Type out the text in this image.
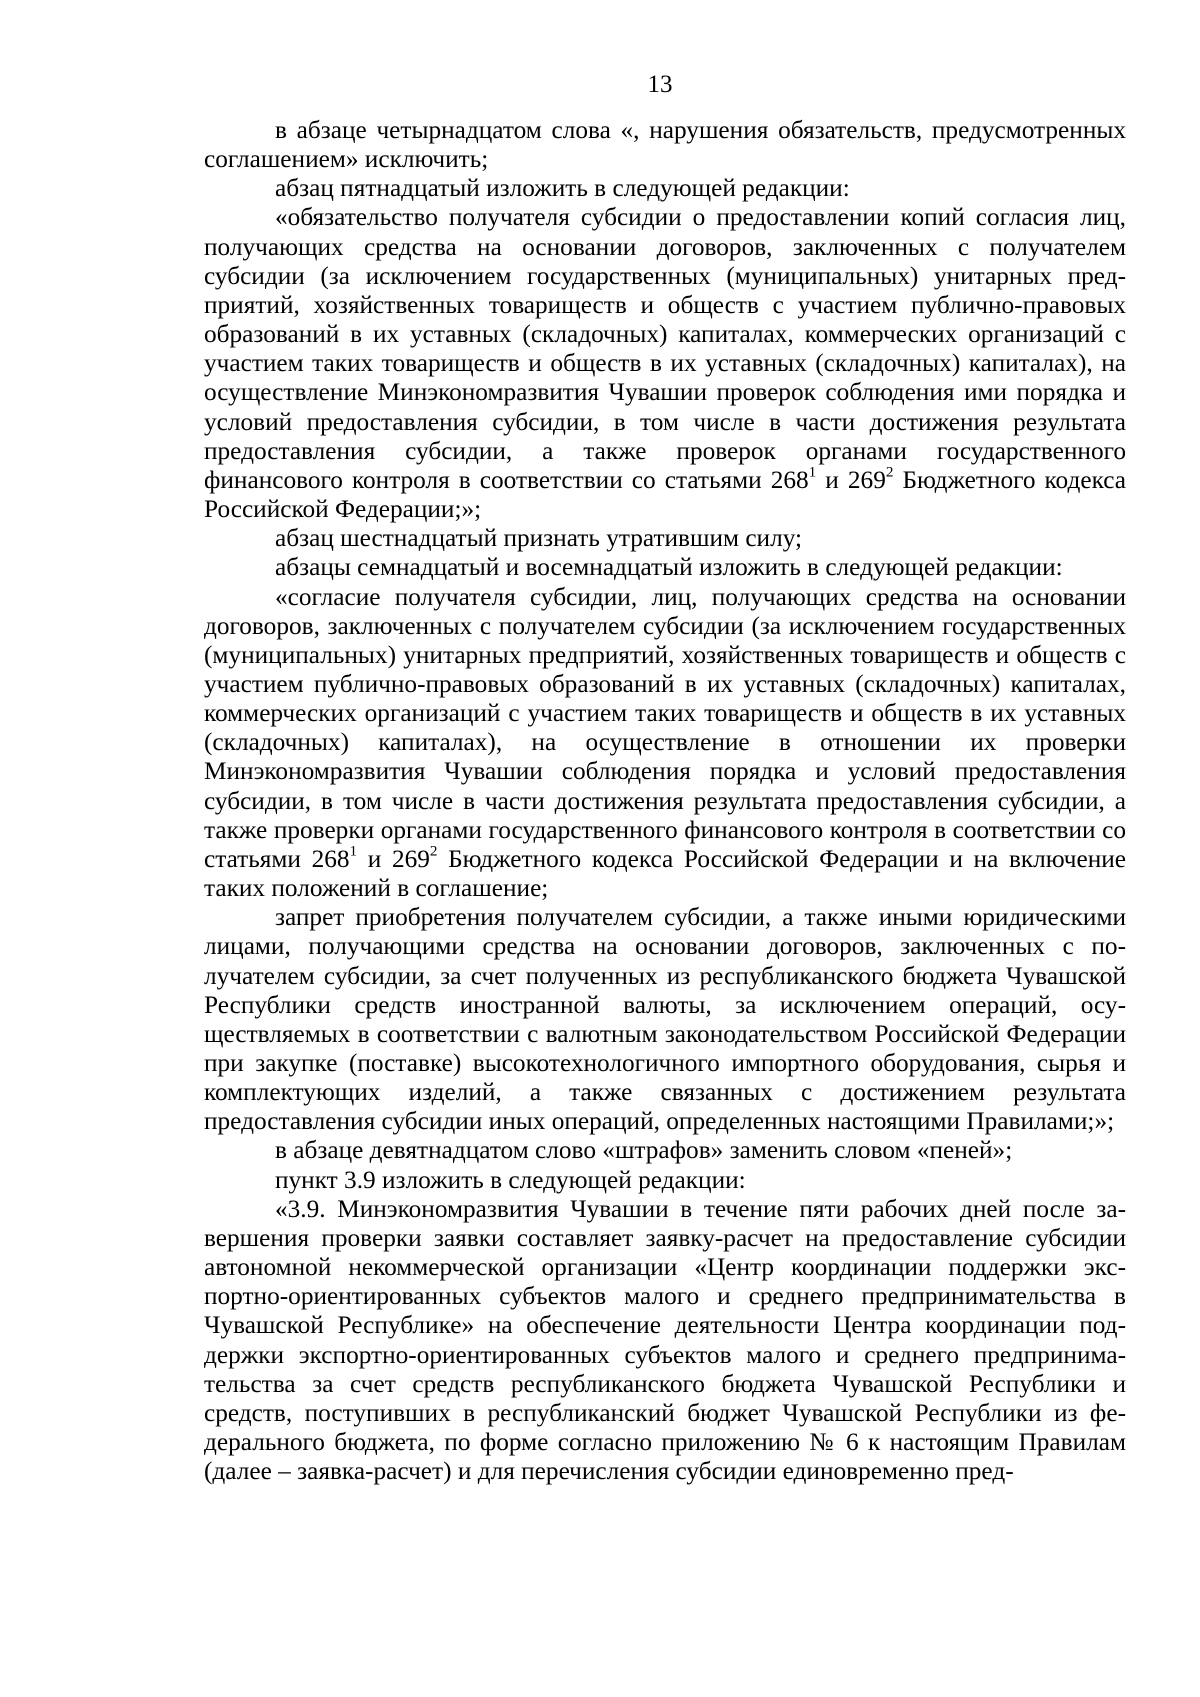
13

в абзаце четырнадцатом слова «, нарушения обязательств, предусмотренных соглашением» исключить;

абзац пятнадцатый изложить в следующей редакции:

«обязательство получателя субсидии о предоставлении копий согласия лиц, получающих средства на основании договоров, заключенных с получателем субсидии (за исключением государственных (муниципальных) унитарных предприятий, хозяйственных товариществ и обществ с участием публично-правовых образований в их уставных (складочных) капиталах, коммерческих организаций с участием таких товариществ и обществ в их уставных (складочных) капиталах), на осуществление Минэкономразвития Чувашии проверок соблюдения ими порядка и условий предоставления субсидии, в том числе в части достижения результата предоставления субсидии, а также проверок органами государственного финансового контроля в соответствии со статьями $268^1$ и $269^2$ Бюджетного кодекса Российской Федерации;»;

абзац шестнадцатый признать утратившим силу;

абзацы семнадцатый и восемнадцатый изложить в следующей редакции:

«согласие получателя субсидии, лиц, получающих средства на основании договоров, заключенных с получателем субсидии (за исключением государственных (муниципальных) унитарных предприятий, хозяйственных товариществ и обществ с участием публично-правовых образований в их уставных (складочных) капиталах, коммерческих организаций с участием таких товариществ и обществ в их уставных (складочных) капиталах), на осуществление в отношении их проверки Минэкономразвития Чувашии соблюдения порядка и условий предоставления субсидии, в том числе в части достижения результата предоставления субсидии, а также проверки органами государственного финансового контроля в соответствии со статьями $268^1$ и $269^2$ Бюджетного кодекса Российской Федерации и на включение таких положений в соглашение;

запрет приобретения получателем субсидии, а также иными юридическими лицами, получающими средства на основании договоров, заключенных с получателем субсидии, за счет полученных из республиканского бюджета Чувашской Республики средств иностранной валюты, за исключением операций, осуществляемых в соответствии с валютным законодательством Российской Федерации при закупке (поставке) высокотехнологичного импортного оборудования, сырья и комплектующих изделий, а также связанных с достижением результата предоставления субсидии иных операций, определенных настоящими Правилами;»;

в абзаце девятнадцатом слово «штрафов» заменить словом «пеней»;

пункт 3.9 изложить в следующей редакции:

«3.9. Минэкономразвития Чувашии в течение пяти рабочих дней после завершения проверки заявки составляет заявку-расчет на предоставление субсидии автономной некоммерческой организации «Центр координации поддержки экспортно-ориентированных субъектов малого и среднего предпринимательства в Чувашской Республике» на обеспечение деятельности Центра координации поддержки экспортно-ориентированных субъектов малого и среднего предпринимательства за счет средств республиканского бюджета Чувашской Республики и средств, поступивших в республиканский бюджет Чувашской Республики из федерального бюджета, по форме согласно приложению № 6 к настоящим Правилам (далее – заявка-расчет) и для перечисления субсидии единовременно пред-
